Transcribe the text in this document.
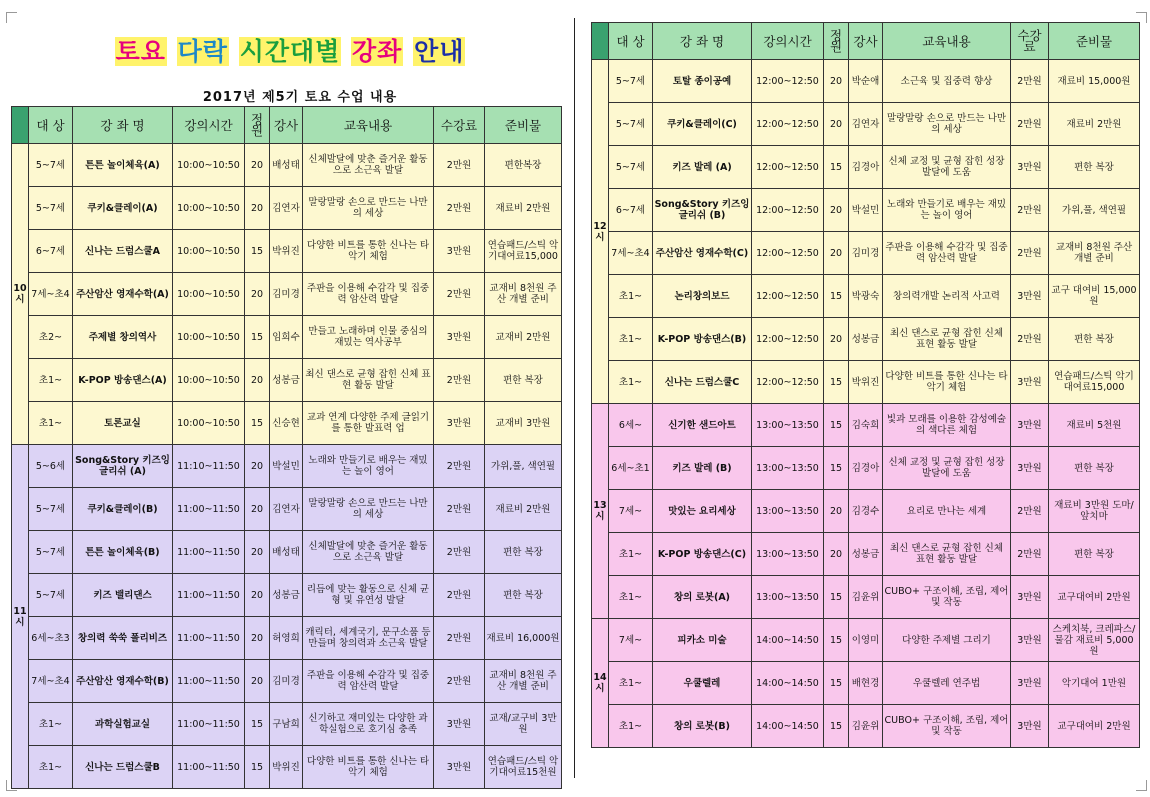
토요 다락 시간대별 강좌 안내
2017년 제5기 토요 수업 내용
	대 상	강 좌 명	강의시간	정원	강사	교육내용	수강료	준비물
10시	5~7세	튼튼 놀이체육(A)	10:00~10:50	20	배성태	신체발달에 맞춘 즐거운 활동으로 소근육 발달	2만원	편한복장
	5~7세	쿠키&클레이(A)	10:00~10:50	20	김연자	말랑말랑 손으로 만드는 나만의 세상	2만원	재료비 2만원
	6~7세	신나는 드럼스쿨A	10:00~10:50	15	박위진	다양한 비트를 통한 신나는 타악기 체험	3만원	연습패드/스틱 악기대여료15,000
	7세~초4	주산암산 영재수학(A)	10:00~10:50	20	김미경	주판을 이용해 수감각 및 집중력 암산력 발달	2만원	교재비 8천원 주산 개별 준비
	초2~	주제별 창의역사	10:00~10:50	15	임희수	만들고 노래하며 인물 중심의 재밌는 역사공부	3만원	교재비 2만원
	초1~	K-POP 방송댄스(A)	10:00~10:50	20	성봉금	최신 댄스로 균형 잡힌 신체 표현 활동 발달	2만원	편한 복장
	초1~	토론교실	10:00~10:50	15	신승현	교과 연계 다양한 주제 글읽기를 통한 발표력 업	3만원	교재비 3만원
11시	5~6세	Song&Story 키즈잉글리쉬 (A)	11:10~11:50	20	박설민	노래와 만들기로 배우는 재밌는 놀이 영어	2만원	가위,풀, 색연필
	5~7세	쿠키&클레이(B)	11:00~11:50	20	김연자	말랑말랑 손으로 만드는 나만의 세상	2만원	재료비 2만원
	5~7세	튼튼 놀이체육(B)	11:00~11:50	20	배성태	신체발달에 맞춘 즐거운 활동으로 소근육 발달	2만원	편한 복장
	5~7세	키즈 밸리댄스	11:00~11:50	20	성봉금	리듬에 맞는 활동으로 신체 균형 및 유연성 발달	2만원	편한 복장
	6세~초3	창의력 쑥쑥 폴리비즈	11:00~11:50	20	허영희	캐릭터, 세계국기, 문구소품 등 만들며 창의력과 소근육 발달	2만원	재료비 16,000원
	7세~초4	주산암산 영재수학(B)	11:00~11:50	20	김미경	주판을 이용해 수감각 및 집중력 암산력 발달	2만원	교재비 8천원 주산 개별 준비
	초1~	과학실험교실	11:00~11:50	15	구남희	신기하고 재미있는 다양한 과학실험으로 호기심 충족	3만원	교재/교구비 3만원
	초1~	신나는 드럼스쿨B	11:00~11:50	15	박위진	다양한 비트를 통한 신나는 타악기 체험	3만원	연습패드/스틱 악기대여료15천원
	대 상	강 좌 명	강의시간	정원	강사	교육내용	수강료	준비물
12시	5~7세	토탈 종이공예	12:00~12:50	20	박순애	소근육 및 집중력 향상	2만원	재료비 15,000원
	5~7세	쿠키&클레이(C)	12:00~12:50	20	김연자	말랑말랑 손으로 만드는 나만의 세상	2만원	재료비 2만원
	5~7세	키즈 발레 (A)	12:00~12:50	15	김경아	신체 교정 및 균형 잡힌 성장 발달에 도움	3만원	편한 복장
	6~7세	Song&Story 키즈잉글리쉬 (B)	12:00~12:50	20	박설민	노래와 만들기로 배우는 재밌는 놀이 영어	2만원	가위,풀, 색연필
	7세~초4	주산암산 영재수학(C)	12:00~12:50	20	김미경	주판을 이용해 수감각 및 집중력 암산력 발달	2만원	교재비 8천원 주산 개별 준비
	초1~	논리창의보드	12:00~12:50	15	박광숙	창의력개발 논리적 사고력	3만원	교구 대여비 15,000원
	초1~	K-POP 방송댄스(B)	12:00~12:50	20	성봉금	최신 댄스로 균형 잡힌 신체 표현 활동 발달	2만원	편한 복장
	초1~	신나는 드럼스쿨C	12:00~12:50	15	박위진	다양한 비트를 통한 신나는 타악기 체험	3만원	연습패드/스틱 악기대여료15,000
13시	6세~	신기한 샌드아트	13:00~13:50	15	김숙희	빛과 모래를 이용한 감성예술의 색다른 체험	3만원	재료비 5천원
	6세~초1	키즈 발레 (B)	13:00~13:50	15	김경아	신체 교정 및 균형 잡힌 성장 발달에 도움	3만원	편한 복장
	7세~	맛있는 요리세상	13:00~13:50	20	김경수	요리로 만나는 세계	2만원	재료비 3만원 도마/앞치마
	초1~	K-POP 방송댄스(C)	13:00~13:50	20	성봉금	최신 댄스로 균형 잡힌 신체 표현 활동 발달	2만원	편한 복장
	초1~	창의 로봇(A)	13:00~13:50	15	김윤위	CUBO+ 구조이해, 조립, 제어 및 작동	3만원	교구대여비 2만원
14시	7세~	피카소 미술	14:00~14:50	15	이영미	다양한 주제별 그리기	3만원	스케치북, 크레파스/물감 재료비 5,000원
	초1~	우쿨렐레	14:00~14:50	15	배현경	우쿨렐레 연주법	3만원	악기대여 1만원
	초1~	창의 로봇(B)	14:00~14:50	15	김윤위	CUBO+ 구조이해, 조립, 제어 및 작동	3만원	교구대여비 2만원
